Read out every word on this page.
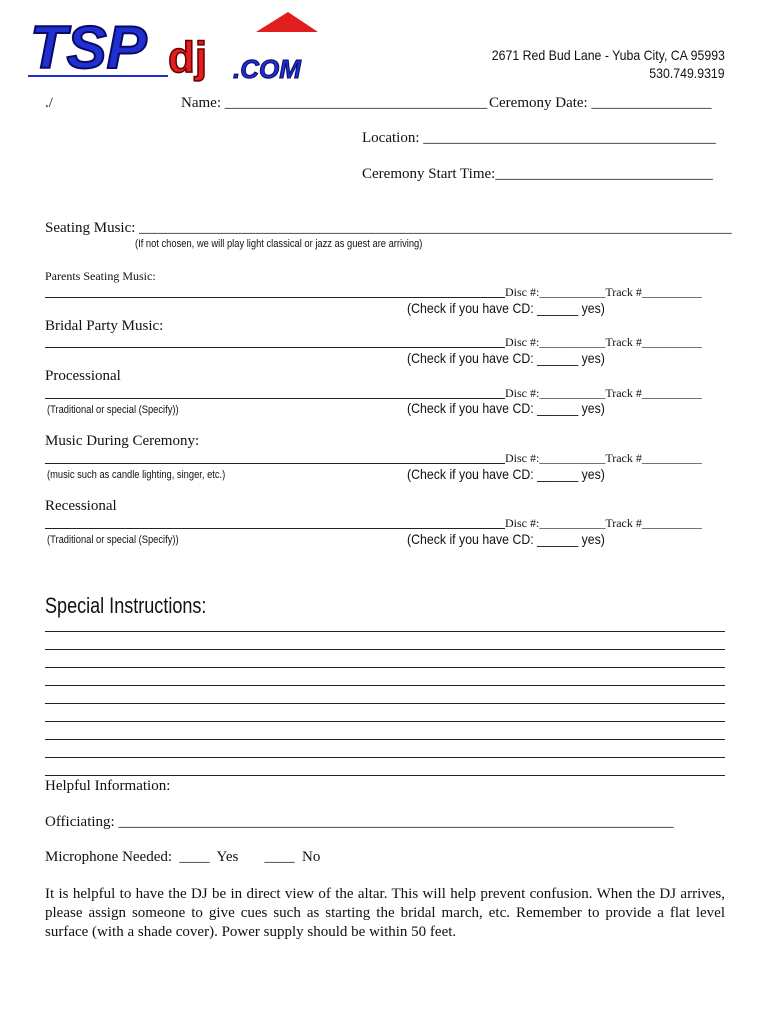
TSP dj .COM	2671 Red Bud Lane - Yuba City, CA 95993
530.749.9319
./	Name: ___________________________________ Ceremony Date: ________________
Location: _______________________________________
Ceremony Start Time:_____________________________
Seating Music: _______________________________________________________________________________
(If not chosen, we will play light classical or jazz as guest are arriving)
Parents Seating Music:
Disc #:___________Track #__________
(Check if you have CD: ______ yes)
Bridal Party Music:
Disc #:___________Track #__________
(Check if you have CD: ______ yes)
Processional
Disc #:___________Track #__________
(Traditional or special (Specify))	(Check if you have CD: ______ yes)
Music During Ceremony:
Disc #:___________Track #__________
(music such as candle lighting, singer, etc.)	(Check if you have CD: ______ yes)
Recessional
Disc #:___________Track #__________
(Traditional or special (Specify))	(Check if you have CD: ______ yes)
Special Instructions:
Helpful Information:
Officiating: __________________________________________________________________________
Microphone Needed:  ____  Yes       ____  No
It is helpful to have the DJ be in direct view of the altar. This will help prevent confusion. When the DJ arrives, please assign someone to give cues such as starting the bridal march, etc. Remember to provide a flat level surface (with a shade cover). Power supply should be within 50 feet.
